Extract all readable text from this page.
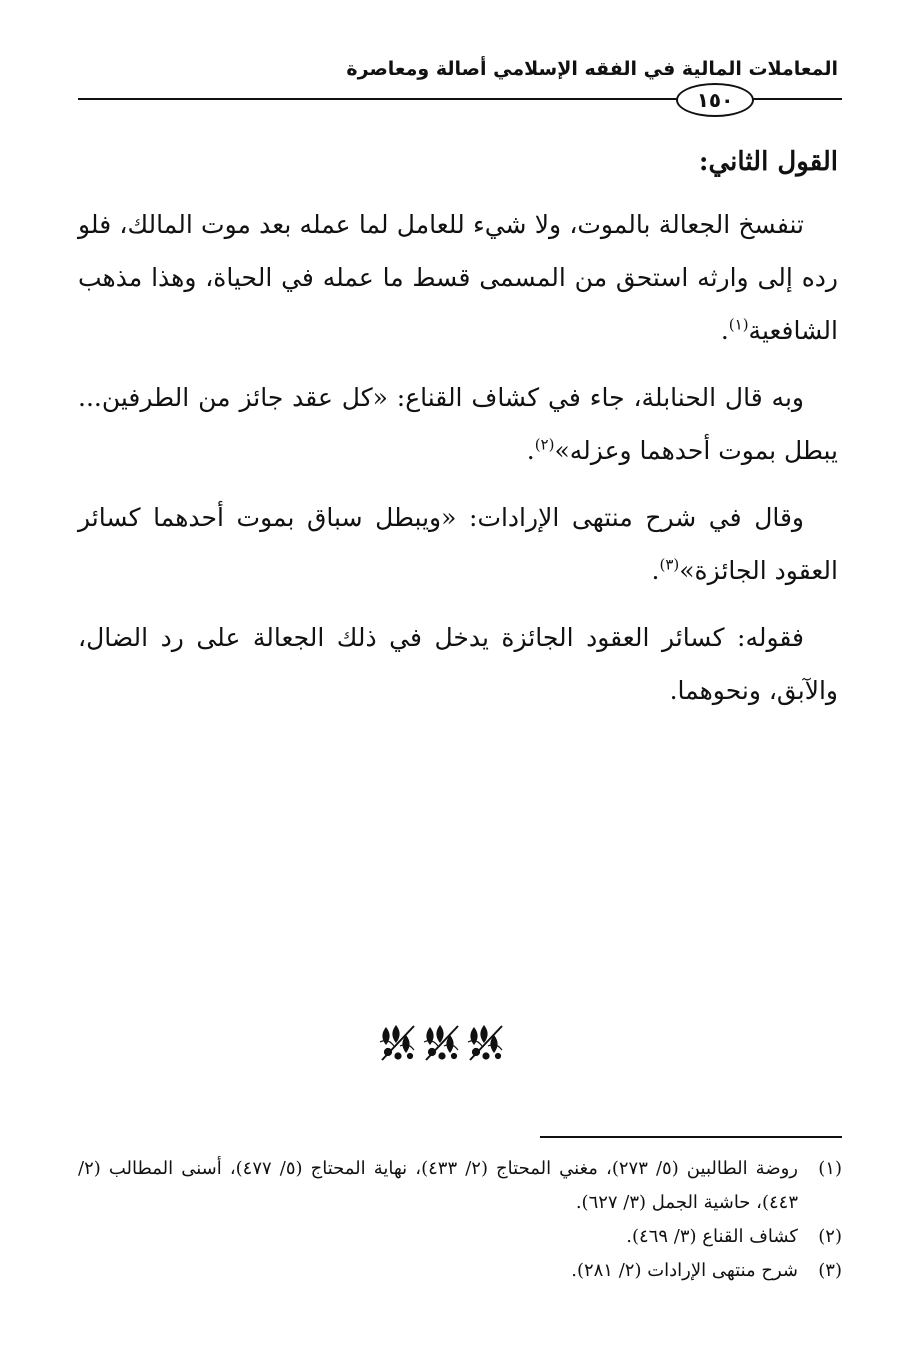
المعاملات المالية في الفقه الإسلامي أصالة ومعاصرة
١٥٠

القول الثاني:

تنفسخ الجعالة بالموت، ولا شيء للعامل لما عمله بعد موت المالك، فلو رده إلى وارثه استحق من المسمى قسط ما عمله في الحياة، وهذا مذهب الشافعية$^{(١)}$.

وبه قال الحنابلة، جاء في كشاف القناع: «كل عقد جائز من الطرفين... يبطل بموت أحدهما وعزله»$^{(٢)}$.

وقال في شرح منتهى الإرادات: «ويبطل سباق بموت أحدهما كسائر العقود الجائزة»$^{(٣)}$.

فقوله: كسائر العقود الجائزة يدخل في ذلك الجعالة على رد الضال، والآبق، ونحوهما.

(١)
روضة الطالبين (٥/ ٢٧٣)، مغني المحتاج (٢/ ٤٣٣)، نهاية المحتاج (٥/ ٤٧٧)، أسنى المطالب (٢/ ٤٤٣)، حاشية الجمل (٣/ ٦٢٧).

(٢)
كشاف القناع (٣/ ٤٦٩).

(٣)
شرح منتهى الإرادات (٢/ ٢٨١).
